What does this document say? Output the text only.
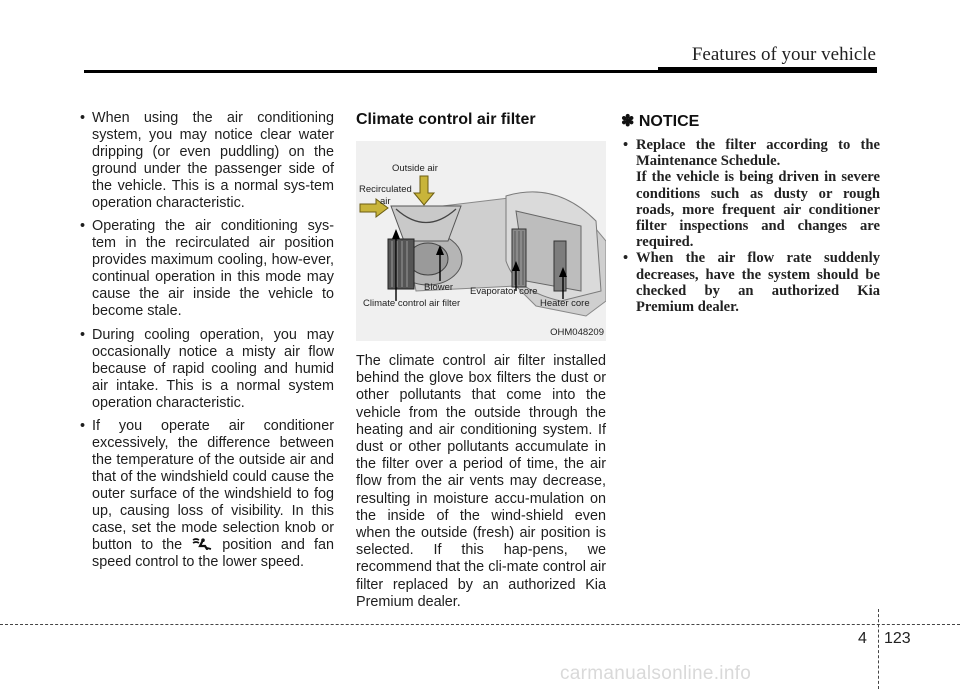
Features of your vehicle
• When using the air conditioning system, you may notice clear water dripping (or even puddling) on the ground under the passenger side of the vehicle. This is a normal sys-tem operation characteristic.
• Operating the air conditioning sys-tem in the recirculated air position provides maximum cooling, how-ever, continual operation in this mode may cause the air inside the vehicle to become stale.
• During cooling operation, you may occasionally notice a misty air flow because of rapid cooling and humid air intake. This is a normal system operation characteristic.
• If you operate air conditioner excessively, the difference between the temperature of the outside air and that of the windshield could cause the outer surface of the windshield to fog up, causing loss of visibility. In this case, set the mode selection knob or button to the	position and fan speed control to the lower speed.
Climate control air filter
Outside air
Recirculated
air
Blower Evaporator core
Climate control air filter	Heater core
OHM048209
The climate control air filter installed behind the glove box filters the dust or other pollutants that come into the vehicle from the outside through the heating and air conditioning system. If dust or other pollutants accumulate in the filter over a period of time, the air flow from the air vents may decrease, resulting in moisture accu-mulation on the inside of the wind-shield even when the outside (fresh) air position is selected. If this hap-pens, we recommend that the cli-mate control air filter replaced by an authorized Kia Premium dealer.
✽ NOTICE
• Replace the filter according to the Maintenance Schedule.
If the vehicle is being driven in severe conditions such as dusty or rough roads, more frequent air conditioner filter inspections and changes are required.
• When the air flow rate suddenly decreases, have the system should be checked by an authorized Kia Premium dealer.
4 123
carmanualsonline.info
